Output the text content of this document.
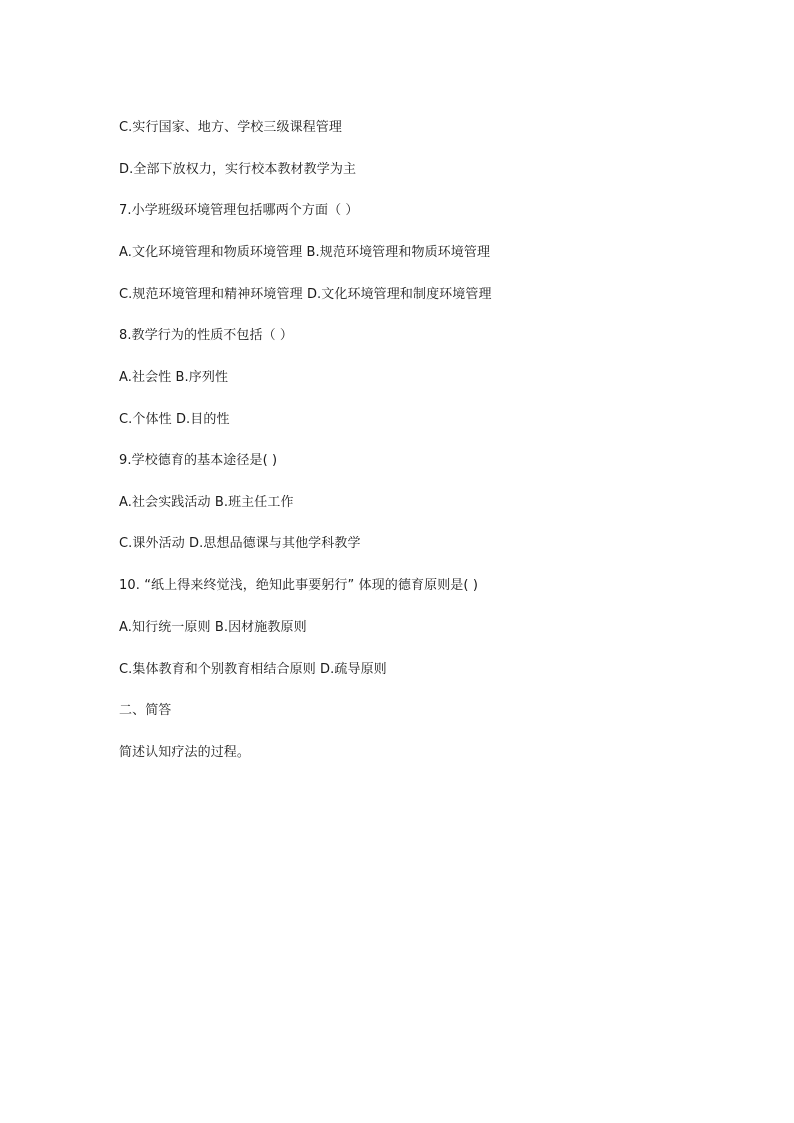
C.实行国家、地方、学校三级课程管理
D.全部下放权力，实行校本教材教学为主
7.小学班级环境管理包括哪两个方面（ ）
A.文化环境管理和物质环境管理 B.规范环境管理和物质环境管理
C.规范环境管理和精神环境管理 D.文化环境管理和制度环境管理
8.教学行为的性质不包括（ ）
A.社会性 B.序列性
C.个体性 D.目的性
9.学校德育的基本途径是( )
A.社会实践活动 B.班主任工作
C.课外活动 D.思想品德课与其他学科教学
10. “纸上得来终觉浅，绝知此事要躬行” 体现的德育原则是( )
A.知行统一原则 B.因材施教原则
C.集体教育和个别教育相结合原则 D.疏导原则
二、简答
简述认知疗法的过程。
